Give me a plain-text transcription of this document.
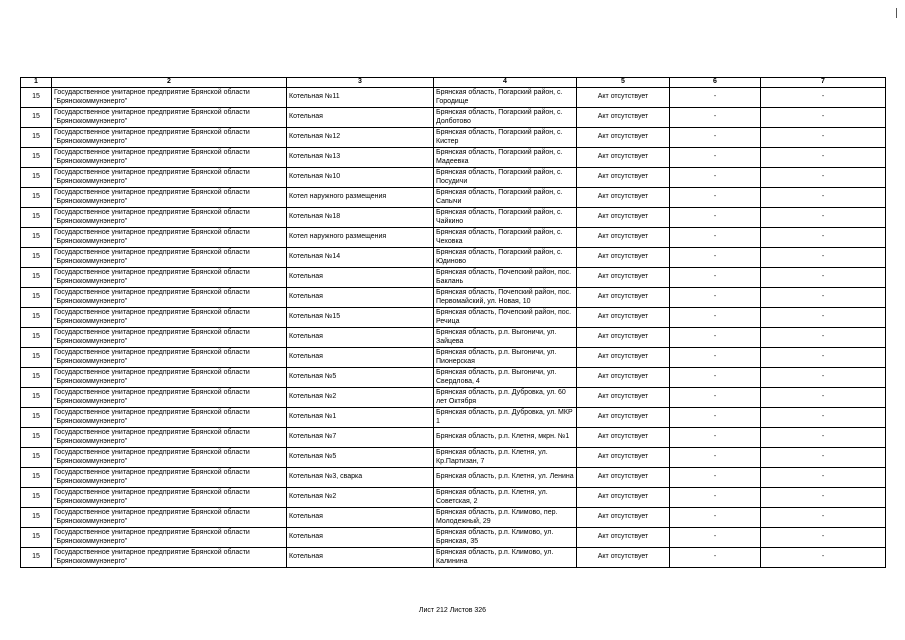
1	2	3	4	5	6	7
15	Государственное унитарное предприятие Брянской области "Брянсккоммунэнерго"	Котельная №11	Брянская область, Погарский район, с. Городище	Акт отсутствует	-	-
15	Государственное унитарное предприятие Брянской области "Брянсккоммунэнерго"	Котельная	Брянская область, Погарский район, с. Долботово	Акт отсутствует	-	-
15	Государственное унитарное предприятие Брянской области "Брянсккоммунэнерго"	Котельная №12	Брянская область, Погарский район, с. Кистер	Акт отсутствует	-	-
15	Государственное унитарное предприятие Брянской области "Брянсккоммунэнерго"	Котельная №13	Брянская область, Погарский район, с. Мадеевка	Акт отсутствует	-	-
15	Государственное унитарное предприятие Брянской области "Брянсккоммунэнерго"	Котельная №10	Брянская область, Погарский район, с. Посудичи	Акт отсутствует	-	-
15	Государственное унитарное предприятие Брянской области "Брянсккоммунэнерго"	Котел наружного размещения	Брянская область, Погарский район, с. Сапычи	Акт отсутствует	-	-
15	Государственное унитарное предприятие Брянской области "Брянсккоммунэнерго"	Котельная №18	Брянская область, Погарский район, с. Чайкино	Акт отсутствует	-	-
15	Государственное унитарное предприятие Брянской области "Брянсккоммунэнерго"	Котел наружного размещения	Брянская область, Погарский район, с. Чеховка	Акт отсутствует	-	-
15	Государственное унитарное предприятие Брянской области "Брянсккоммунэнерго"	Котельная №14	Брянская область, Погарский район, с. Юдиново	Акт отсутствует	-	-
15	Государственное унитарное предприятие Брянской области "Брянсккоммунэнерго"	Котельная	Брянская область, Почепский район, пос. Баклань	Акт отсутствует	-	-
15	Государственное унитарное предприятие Брянской области "Брянсккоммунэнерго"	Котельная	Брянская область, Почепский район, пос. Первомайский, ул. Новая, 10	Акт отсутствует	-	-
15	Государственное унитарное предприятие Брянской области "Брянсккоммунэнерго"	Котельная №15	Брянская область, Почепский район, пос. Речица	Акт отсутствует	-	-
15	Государственное унитарное предприятие Брянской области "Брянсккоммунэнерго"	Котельная	Брянская область, р.п. Выгоничи, ул. Зайцева	Акт отсутствует	-	-
15	Государственное унитарное предприятие Брянской области "Брянсккоммунэнерго"	Котельная	Брянская область, р.п. Выгоничи, ул. Пионерская	Акт отсутствует	-	-
15	Государственное унитарное предприятие Брянской области "Брянсккоммунэнерго"	Котельная №5	Брянская область, р.п. Выгоничи, ул. Свердлова, 4	Акт отсутствует	-	-
15	Государственное унитарное предприятие Брянской области "Брянсккоммунэнерго"	Котельная №2	Брянская область, р.п. Дубровка, ул. 60 лет Октября	Акт отсутствует	-	-
15	Государственное унитарное предприятие Брянской области "Брянсккоммунэнерго"	Котельная №1	Брянская область, р.п. Дубровка, ул. МКР 1	Акт отсутствует	-	-
15	Государственное унитарное предприятие Брянской области "Брянсккоммунэнерго"	Котельная №7	Брянская область, р.п. Клетня, мкрн. №1	Акт отсутствует	-	-
15	Государственное унитарное предприятие Брянской области "Брянсккоммунэнерго"	Котельная №5	Брянская область, р.п. Клетня, ул. Кр.Партизан, 7	Акт отсутствует	-	-
15	Государственное унитарное предприятие Брянской области "Брянсккоммунэнерго"	Котельная №3, сварка	Брянская область, р.п. Клетня, ул. Ленина	Акт отсутствует	-	-
15	Государственное унитарное предприятие Брянской области "Брянсккоммунэнерго"	Котельная №2	Брянская область, р.п. Клетня, ул. Советская, 2	Акт отсутствует	-	-
15	Государственное унитарное предприятие Брянской области "Брянсккоммунэнерго"	Котельная	Брянская область, р.п. Климово, пер. Молодежный, 29	Акт отсутствует	-	-
15	Государственное унитарное предприятие Брянской области "Брянсккоммунэнерго"	Котельная	Брянская область, р.п. Климово, ул. Брянская, 35	Акт отсутствует	-	-
15	Государственное унитарное предприятие Брянской области "Брянсккоммунэнерго"	Котельная	Брянская область, р.п. Климово, ул. Калинина	Акт отсутствует	-	-
Лист 212 Листов 326
